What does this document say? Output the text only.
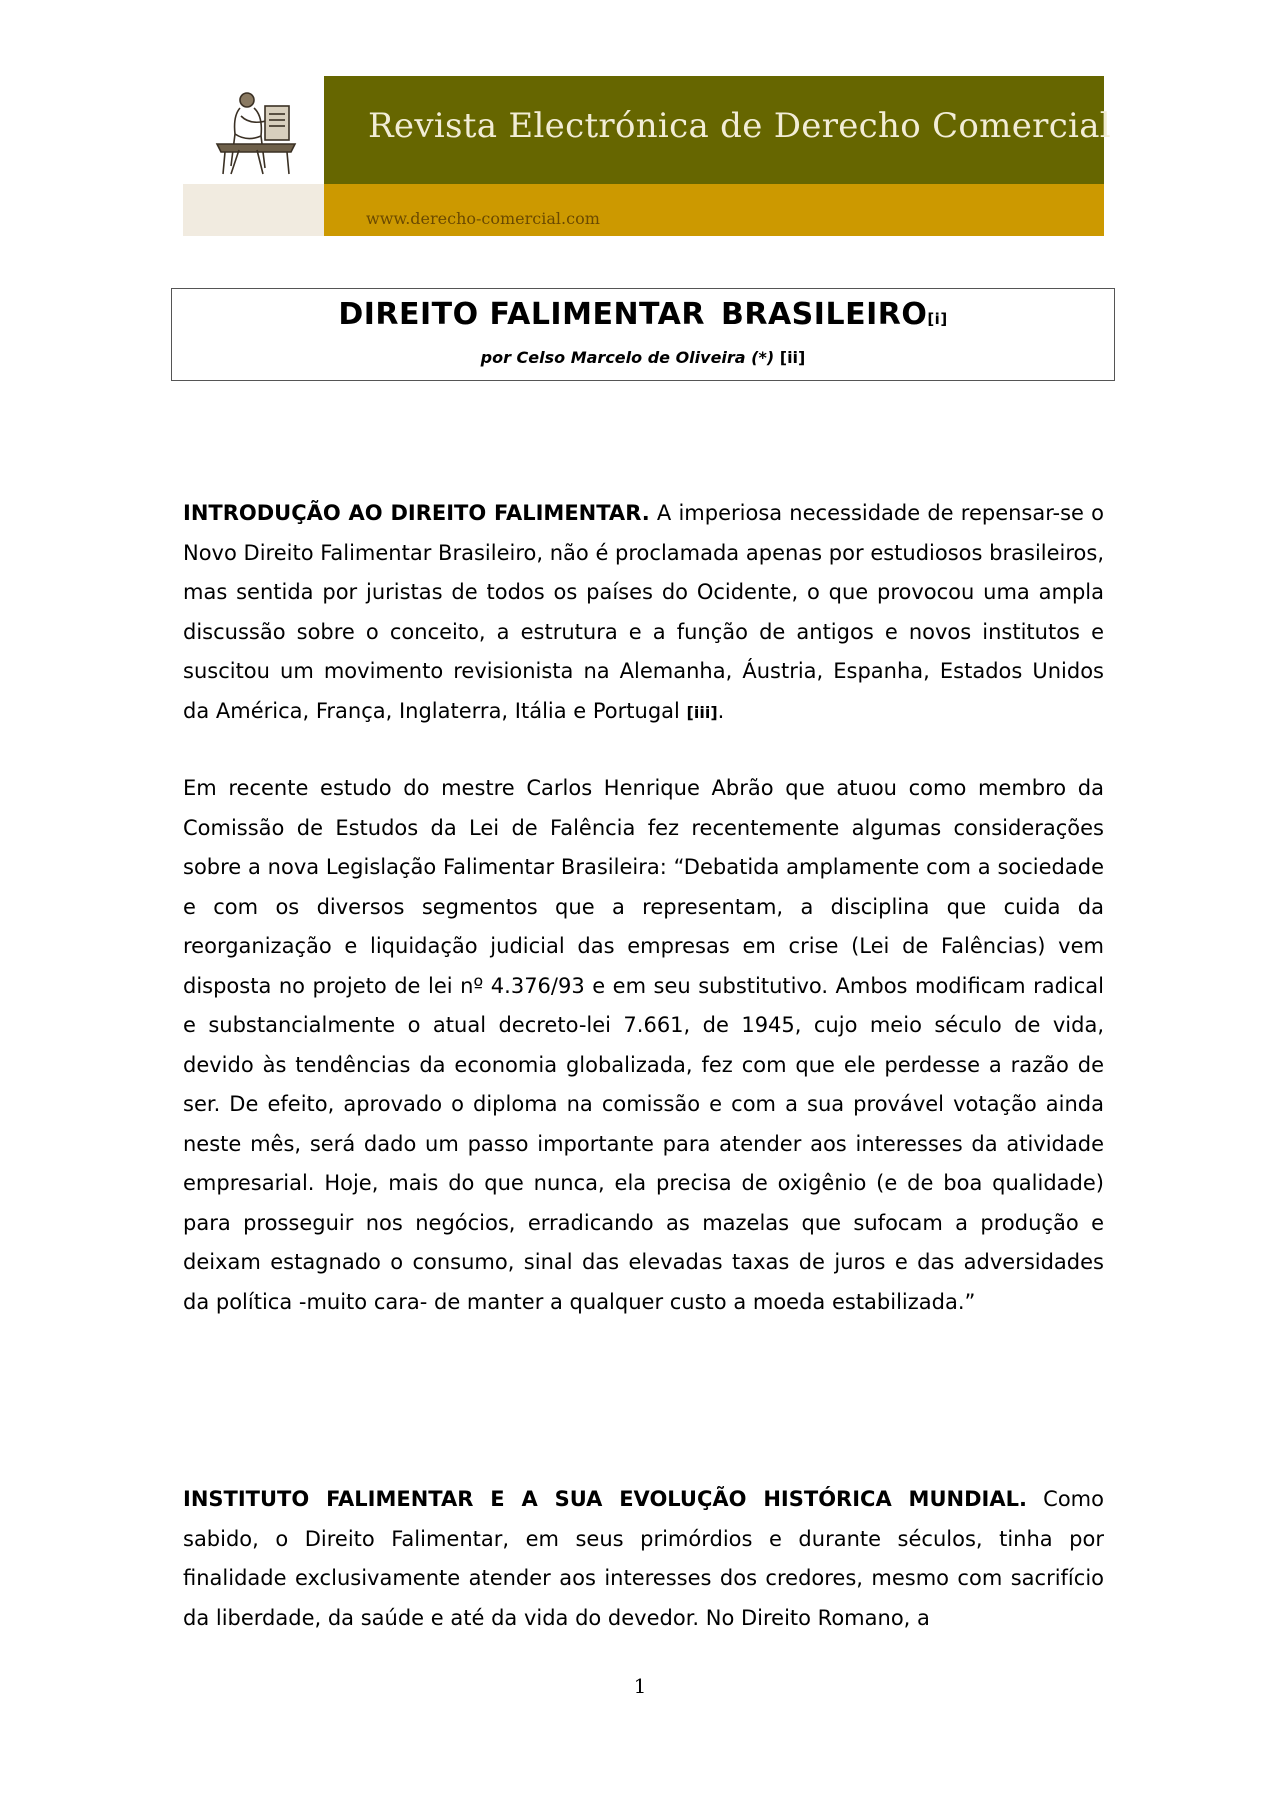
Revista Electrónica de Derecho Comercial
www.derecho-comercial.com
DIREITO FALIMENTAR BRASILEIRO[i]
por Celso Marcelo de Oliveira (*) [ii]
INTRODUÇÃO AO DIREITO FALIMENTAR. A imperiosa necessidade de repensar-se o Novo Direito Falimentar Brasileiro, não é proclamada apenas por estudiosos brasileiros, mas sentida por juristas de todos os países do Ocidente, o que provocou uma ampla discussão sobre o conceito, a estrutura e a função de antigos e novos institutos e suscitou um movimento revisionista na Alemanha, Áustria, Espanha, Estados Unidos da América, França, Inglaterra, Itália e Portugal [iii].
Em recente estudo do mestre Carlos Henrique Abrão que atuou como membro da Comissão de Estudos da Lei de Falência fez recentemente algumas considerações sobre a nova Legislação Falimentar Brasileira: “Debatida amplamente com a sociedade e com os diversos segmentos que a representam, a disciplina que cuida da reorganização e liquidação judicial das empresas em crise (Lei de Falências) vem disposta no projeto de lei nº 4.376/93 e em seu substitutivo. Ambos modificam radical e substancialmente o atual decreto-lei 7.661, de 1945, cujo meio século de vida, devido às tendências da economia globalizada, fez com que ele perdesse a razão de ser. De efeito, aprovado o diploma na comissão e com a sua provável votação ainda neste mês, será dado um passo importante para atender aos interesses da atividade empresarial. Hoje, mais do que nunca, ela precisa de oxigênio (e de boa qualidade) para prosseguir nos negócios, erradicando as mazelas que sufocam a produção e deixam estagnado o consumo, sinal das elevadas taxas de juros e das adversidades da política -muito cara- de manter a qualquer custo a moeda estabilizada.”
INSTITUTO FALIMENTAR E A SUA EVOLUÇÃO HISTÓRICA MUNDIAL. Como sabido, o Direito Falimentar, em seus primórdios e durante séculos, tinha por finalidade exclusivamente atender aos interesses dos credores, mesmo com sacrifício da liberdade, da saúde e até da vida do devedor. No Direito Romano, a
1
